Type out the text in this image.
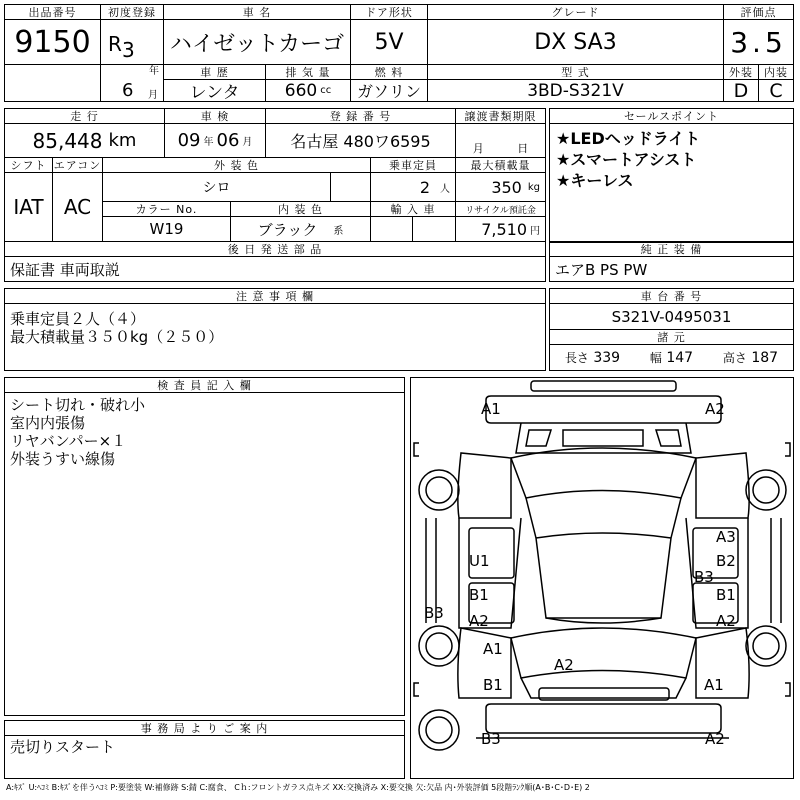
出品番号
9150
初度登録
R 3
年
6 月
車 名
ハイゼットカーゴ
ドア形状
5V
グレード
DX SA3
評価点
3.5
車 歴
レンタ
排 気 量
660 cc
燃 料
ガソリン
型 式
3BD-S321V
外装
D
内装
C
走 行
85,448 km
車 検
09 年 06 月
登 録 番 号
名古屋 480ワ6595
譲渡書類期限
月	日
セールスポイント
★LEDヘッドライト
★スマートアシスト
★キーレス
シフト
IAT
エアコン
AC
外 装 色
シロ
乗車定員
2 人
最大積載量
350 kg
カラー No.
W19
内 装 色
ブラック 系
輸 入 車	リサイクル預託金
7,510 円
後 日 発 送 部 品
保証書 車両取説
純 正 装 備
エアB PS PW
注 意 事 項 欄
乗車定員２人（４）
最大積載量３５０kg（２５０）
車 台 番 号
S321V-0495031
諸 元
長さ 339 幅 147 高さ 187
検 査 員 記 入 欄
シート切れ・破れ小
室内内張傷
リヤバンパー×１
外装うすい線傷
事 務 局 よ り ご 案 内
売切りスタート
A1	A2
U1
A3
B2
B3
B1
A2
B1
A2
B3
A1
A2
B1	A1
B3	A2
A:ｷｽﾞ U:ﾍｺﾐ B:ｷｽﾞを伴うﾍｺﾐ P:要塗装 W:補修跡 S:錆 C:腐食、 Cｈ:フロントガラス点キズ XX:交換済み X:要交換 欠:欠品 内･外装評価 5段階ﾗﾝｸ順(A･B･C･D･E) 2
